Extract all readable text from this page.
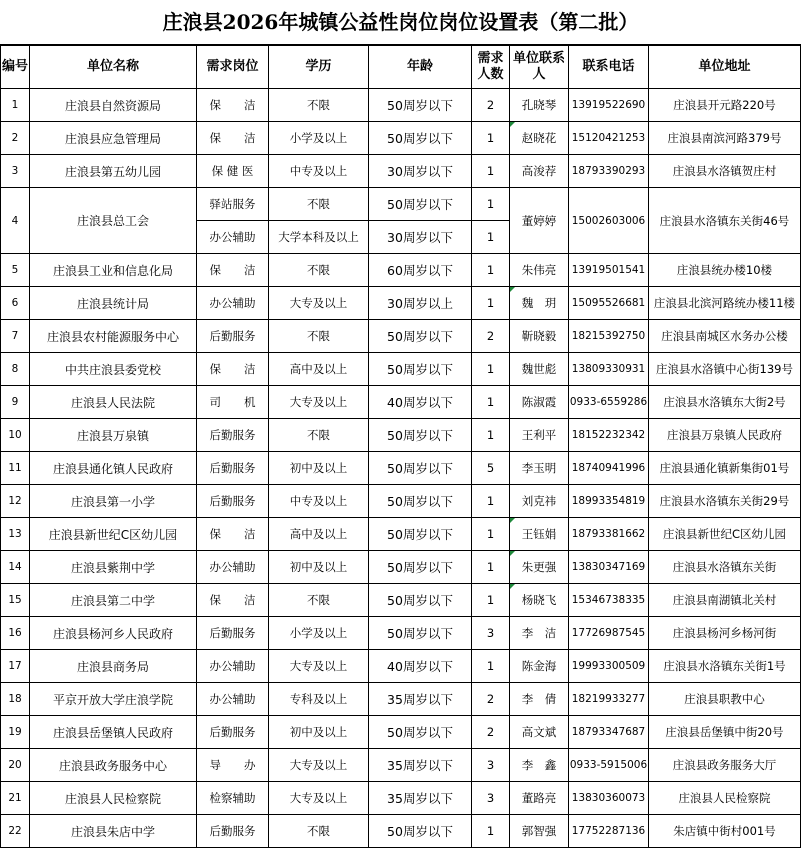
庄浪县2026年城镇公益性岗位岗位设置表（第二批）
编号	单位名称	需求岗位	学历	年龄	需求人数	单位联系人	联系电话	单位地址
1	庄浪县自然资源局	保　　洁	不限	50周岁以下	2	孔晓琴	13919522690	庄浪县开元路220号
2	庄浪县应急管理局	保　　洁	小学及以上	50周岁以下	1	赵晓花	15120421253	庄浪县南滨河路379号
3	庄浪县第五幼儿园	保 健 医	中专及以上	30周岁以下	1	高浚荐	18793390293	庄浪县水洛镇贺庄村
4	庄浪县总工会	驿站服务	不限	50周岁以下	1	董婷婷	15002603006	庄浪县水洛镇东关街46号
		办公辅助	大学本科及以上	30周岁以下	1			
5	庄浪县工业和信息化局	保　　洁	不限	60周岁以下	1	朱伟亮	13919501541	庄浪县统办楼10楼
6	庄浪县统计局	办公辅助	大专及以上	30周岁以上	1	魏　玥	15095526681	庄浪县北滨河路统办楼11楼
7	庄浪县农村能源服务中心	后勤服务	不限	50周岁以下	2	靳晓毅	18215392750	庄浪县南城区水务办公楼
8	中共庄浪县委党校	保　　洁	高中及以上	50周岁以下	1	魏世彪	13809330931	庄浪县水洛镇中心街139号
9	庄浪县人民法院	司　　机	大专及以上	40周岁以下	1	陈淑霞	0933-6559286	庄浪县水洛镇东大街2号
10	庄浪县万泉镇	后勤服务	不限	50周岁以下	1	王利平	18152232342	庄浪县万泉镇人民政府
11	庄浪县通化镇人民政府	后勤服务	初中及以上	50周岁以下	5	李玉明	18740941996	庄浪县通化镇新集街01号
12	庄浪县第一小学	后勤服务	中专及以上	50周岁以下	1	刘克祎	18993354819	庄浪县水洛镇东关街29号
13	庄浪县新世纪C区幼儿园	保　　洁	高中及以上	50周岁以下	1	王钰娟	18793381662	庄浪县新世纪C区幼儿园
14	庄浪县紫荆中学	办公辅助	初中及以上	50周岁以下	1	朱更强	13830347169	庄浪县水洛镇东关街
15	庄浪县第二中学	保　　洁	不限	50周岁以下	1	杨晓飞	15346738335	庄浪县南湖镇北关村
16	庄浪县杨河乡人民政府	后勤服务	小学及以上	50周岁以下	3	李　洁	17726987545	庄浪县杨河乡杨河街
17	庄浪县商务局	办公辅助	大专及以上	40周岁以下	1	陈金海	19993300509	庄浪县水洛镇东关街1号
18	平京开放大学庄浪学院	办公辅助	专科及以上	35周岁以下	2	李　倩	18219933277	庄浪县职教中心
19	庄浪县岳堡镇人民政府	后勤服务	初中及以上	50周岁以下	2	高文斌	18793347687	庄浪县岳堡镇中街20号
20	庄浪县政务服务中心	导　　办	大专及以上	35周岁以下	3	李　鑫	0933-5915006	庄浪县政务服务大厅
21	庄浪县人民检察院	检察辅助	大专及以上	35周岁以下	3	董路亮	13830360073	庄浪县人民检察院
22	庄浪县朱店中学	后勤服务	不限	50周岁以下	1	郭智强	17752287136	朱店镇中街村001号
